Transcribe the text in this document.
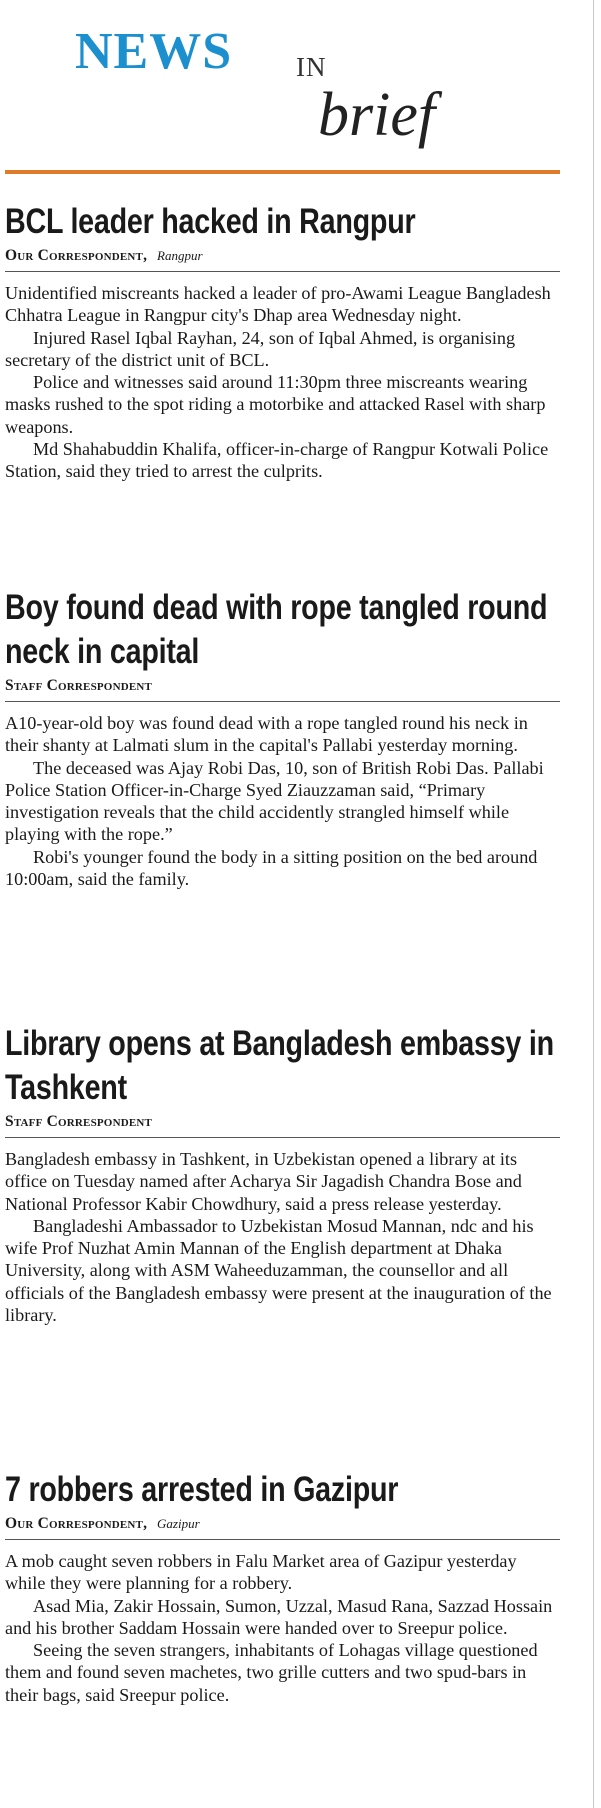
NEWS IN
brief
BCL leader hacked in Rangpur
Our Correspondent, Rangpur

Unidentified miscreants hacked a leader of pro-Awami League Bangladesh Chhatra League in Rangpur city's Dhap area Wednesday night.

Injured Rasel Iqbal Rayhan, 24, son of Iqbal Ahmed, is organising secretary of the district unit of BCL.

Police and witnesses said around 11:30pm three miscreants wearing masks rushed to the spot riding a motorbike and attacked Rasel with sharp weapons.

Md Shahabuddin Khalifa, officer-in-charge of Rangpur Kotwali Police Station, said they tried to arrest the culprits.

Boy found dead with rope tangled round neck in capital
Staff Correspondent

A10-year-old boy was found dead with a rope tangled round his neck in their shanty at Lalmati slum in the capital's Pallabi yesterday morning.

The deceased was Ajay Robi Das, 10, son of British Robi Das. Pallabi Police Station Officer-in-Charge Syed Ziauzzaman said, “Primary investigation reveals that the child accidently strangled himself while playing with the rope.”

Robi's younger found the body in a sitting position on the bed around 10:00am, said the family.

Library opens at Bangladesh embassy in Tashkent
Staff Correspondent

Bangladesh embassy in Tashkent, in Uzbekistan opened a library at its office on Tuesday named after Acharya Sir Jagadish Chandra Bose and National Professor Kabir Chowdhury, said a press release yesterday.

Bangladeshi Ambassador to Uzbekistan Mosud Mannan, ndc and his wife Prof Nuzhat Amin Mannan of the English department at Dhaka University, along with ASM Waheeduzamman, the counsellor and all officials of the Bangladesh embassy were present at the inauguration of the library.

7 robbers arrested in Gazipur
Our Correspondent, Gazipur

A mob caught seven robbers in Falu Market area of Gazipur yesterday while they were planning for a robbery.

Asad Mia, Zakir Hossain, Sumon, Uzzal, Masud Rana, Sazzad Hossain and his brother Saddam Hossain were handed over to Sreepur police.

Seeing the seven strangers, inhabitants of Lohagas village questioned them and found seven machetes, two grille cutters and two spud-bars in their bags, said Sreepur police.
